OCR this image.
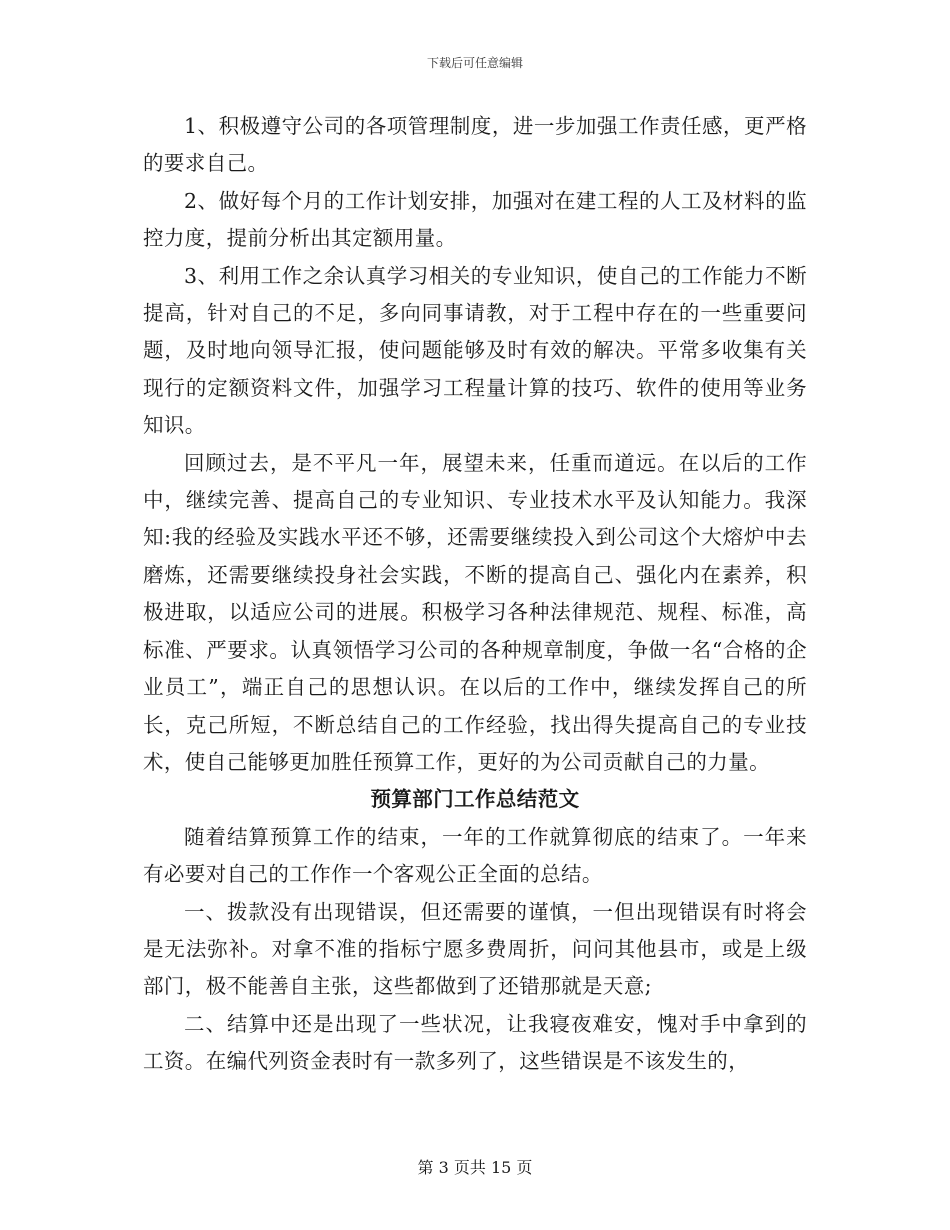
下载后可任意编辑

1、积极遵守公司的各项管理制度，进一步加强工作责任感，更严格的要求自己。

2、做好每个月的工作计划安排，加强对在建工程的人工及材料的监控力度，提前分析出其定额用量。

3、利用工作之余认真学习相关的专业知识，使自己的工作能力不断提高，针对自己的不足，多向同事请教，对于工程中存在的一些重要问题，及时地向领导汇报，使问题能够及时有效的解决。平常多收集有关现行的定额资料文件，加强学习工程量计算的技巧、软件的使用等业务知识。

回顾过去，是不平凡一年，展望未来，任重而道远。在以后的工作中，继续完善、提高自己的专业知识、专业技术水平及认知能力。我深知:我的经验及实践水平还不够，还需要继续投入到公司这个大熔炉中去磨炼，还需要继续投身社会实践，不断的提高自己、强化内在素养，积极进取，以适应公司的进展。积极学习各种法律规范、规程、标准，高标准、严要求。认真领悟学习公司的各种规章制度，争做一名“合格的企业员工”，端正自己的思想认识。在以后的工作中，继续发挥自己的所长，克己所短，不断总结自己的工作经验，找出得失提高自己的专业技术，使自己能够更加胜任预算工作，更好的为公司贡献自己的力量。

预算部门工作总结范文

随着结算预算工作的结束，一年的工作就算彻底的结束了。一年来有必要对自己的工作作一个客观公正全面的总结。

一、拨款没有出现错误，但还需要的谨慎，一但出现错误有时将会是无法弥补。对拿不准的指标宁愿多费周折，问问其他县市，或是上级部门，极不能善自主张，这些都做到了还错那就是天意;

二、结算中还是出现了一些状况，让我寝夜难安，愧对手中拿到的工资。在编代列资金表时有一款多列了，这些错误是不该发生的，

第 3 页共 15 页
